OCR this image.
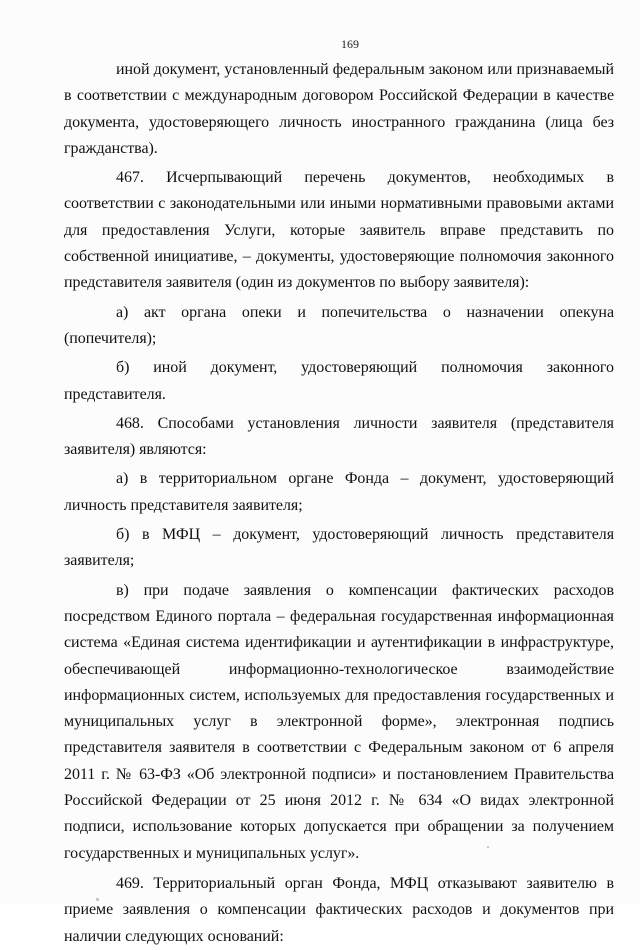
169

иной документ, установленный федеральным законом или признаваемый в соответствии с международным договором Российской Федерации в качестве документа, удостоверяющего личность иностранного гражданина (лица без гражданства).

467. Исчерпывающий перечень документов, необходимых в соответствии с законодательными или иными нормативными правовыми актами для предоставления Услуги, которые заявитель вправе представить по собственной инициативе, – документы, удостоверяющие полномочия законного представителя заявителя (один из документов по выбору заявителя):

а) акт органа опеки и попечительства о назначении опекуна (попечителя);

б) иной документ, удостоверяющий полномочия законного представителя.

468. Способами установления личности заявителя (представителя заявителя) являются:

а) в территориальном органе Фонда – документ, удостоверяющий личность представителя заявителя;

б) в МФЦ – документ, удостоверяющий личность представителя заявителя;

в) при подаче заявления о компенсации фактических расходов посредством Единого портала – федеральная государственная информационная система «Единая система идентификации и аутентификации в инфраструктуре, обеспечивающей информационно-технологическое взаимодействие информационных систем, используемых для предоставления государственных и муниципальных услуг в электронной форме», электронная подпись представителя заявителя в соответствии с Федеральным законом от 6 апреля 2011 г. № 63-ФЗ «Об электронной подписи» и постановлением Правительства Российской Федерации от 25 июня 2012 г. № 634 «О видах электронной подписи, использование которых допускается при обращении за получением государственных и муниципальных услуг».

469. Территориальный орган Фонда, МФЦ отказывают заявителю в приеме заявления о компенсации фактических расходов и документов при наличии следующих оснований:
